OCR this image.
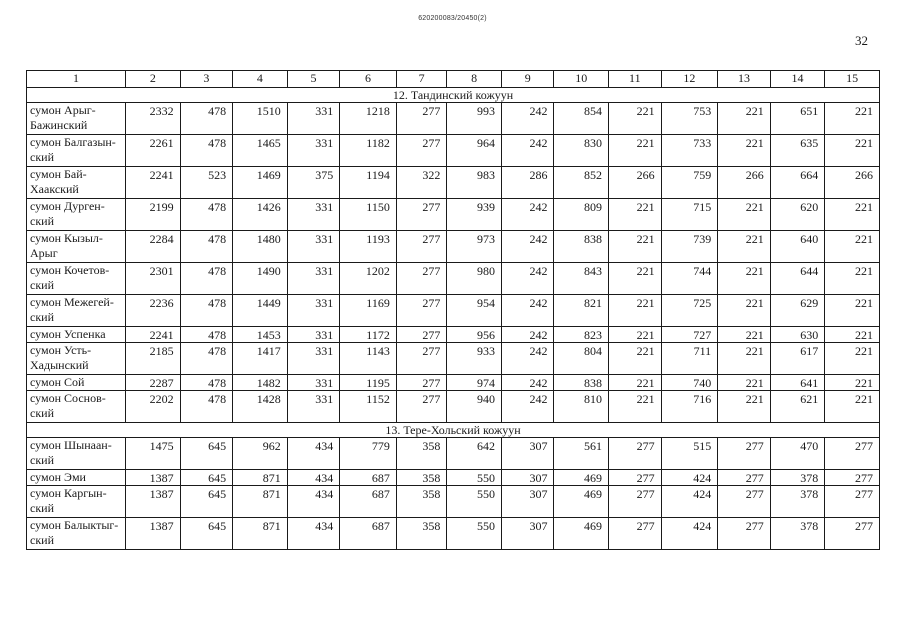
620200083/20450(2)
32
1	2	3	4	5	6	7	8	9	10	11	12	13	14	15
12. Тандинский кожуун														
сумон Арыг-
Бажинский	2332	478	1510	331	1218	277	993	242	854	221	753	221	651	221
сумон Балгазын-
ский	2261	478	1465	331	1182	277	964	242	830	221	733	221	635	221
сумон Бай-
Хаакский	2241	523	1469	375	1194	322	983	286	852	266	759	266	664	266
сумон Дурген-
ский	2199	478	1426	331	1150	277	939	242	809	221	715	221	620	221
сумон Кызыл-
Арыг	2284	478	1480	331	1193	277	973	242	838	221	739	221	640	221
сумон Кочетов-
ский	2301	478	1490	331	1202	277	980	242	843	221	744	221	644	221
сумон Межегей-
ский	2236	478	1449	331	1169	277	954	242	821	221	725	221	629	221
сумон Успенка	2241	478	1453	331	1172	277	956	242	823	221	727	221	630	221
сумон Усть-
Хадынский	2185	478	1417	331	1143	277	933	242	804	221	711	221	617	221
сумон Сой	2287	478	1482	331	1195	277	974	242	838	221	740	221	641	221
сумон Соснов-
ский	2202	478	1428	331	1152	277	940	242	810	221	716	221	621	221
13. Тере-Хольский кожуун														
сумон Шынаан-
ский	1475	645	962	434	779	358	642	307	561	277	515	277	470	277
сумон Эми	1387	645	871	434	687	358	550	307	469	277	424	277	378	277
сумон Каргын-
ский	1387	645	871	434	687	358	550	307	469	277	424	277	378	277
сумон Балыктыг-
ский	1387	645	871	434	687	358	550	307	469	277	424	277	378	277
